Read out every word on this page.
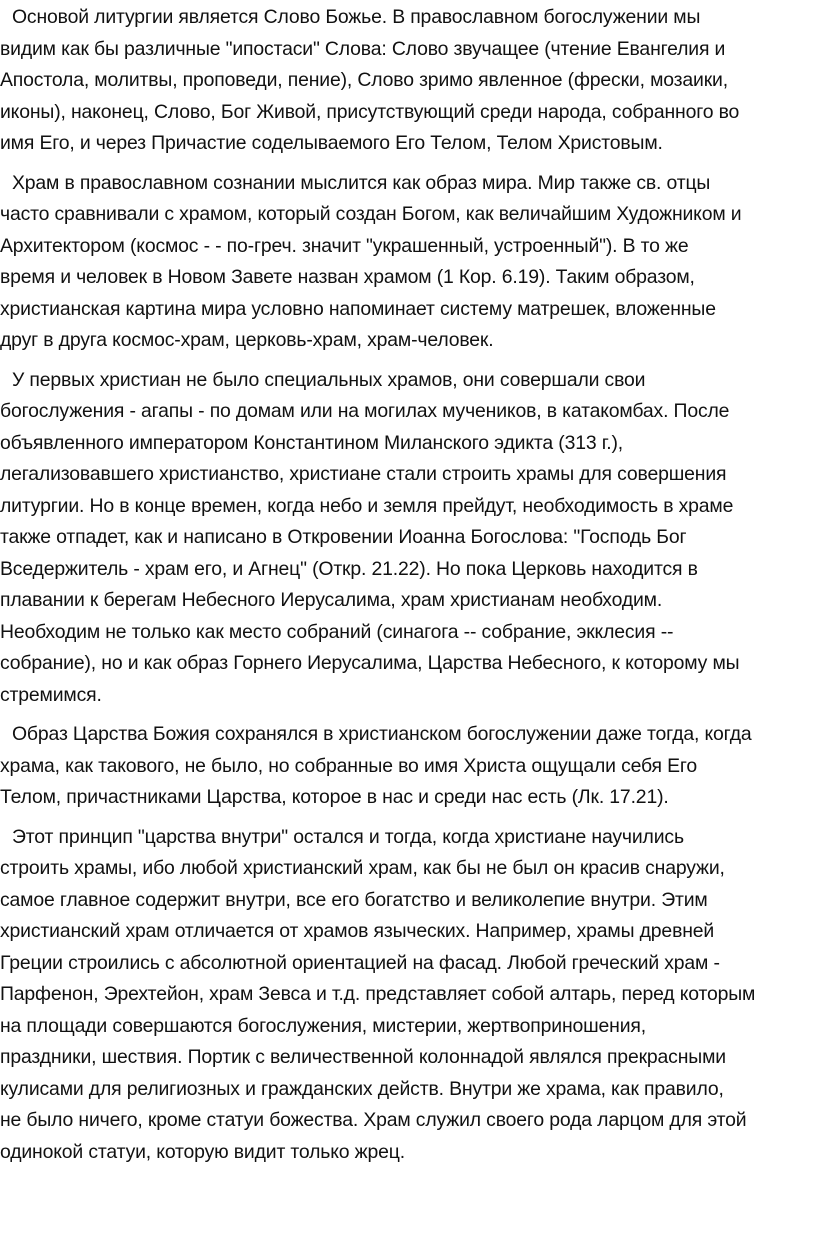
Основой литургии является Слово Божье. В православном богослужении мы
видим как бы различные "ипостаси" Слова: Слово звучащее (чтение Евангелия и
Апостола, молитвы, проповеди, пение), Слово зримо явленное (фрески, мозаики,
иконы), наконец, Слово, Бог Живой, присутствующий среди народа, собранного во
имя Его, и через Причастие соделываемого Его Телом, Телом Христовым.
Храм в православном сознании мыслится как образ мира. Мир также св. отцы
часто сравнивали с храмом, который создан Богом, как величайшим Художником и
Архитектором (космос - - по-греч. значит "украшенный, устроенный"). В то же
время и человек в Новом Завете назван храмом (1 Кор. 6.19). Таким образом,
христианская картина мира условно напоминает систему матрешек, вложенные
друг в друга космос-храм, церковь-храм, храм-человек.
У первых христиан не было специальных храмов, они совершали свои
богослужения - агапы - по домам или на могилах мучеников, в катакомбах. После
объявленного императором Константином Миланского эдикта (313 г.),
легализовавшего христианство, христиане стали строить храмы для совершения
литургии. Но в конце времен, когда небо и земля прейдут, необходимость в храме
также отпадет, как и написано в Откровении Иоанна Богослова: "Господь Бог
Вседержитель - храм его, и Агнец" (Откр. 21.22). Но пока Церковь находится в
плавании к берегам Небесного Иерусалима, храм христианам необходим.
Необходим не только как место собраний (синагога -- собрание, экклесия --
собрание), но и как образ Горнего Иерусалима, Царства Небесного, к которому мы
стремимся.
Образ Царства Божия сохранялся в христианском богослужении даже тогда, когда
храма, как такового, не было, но собранные во имя Христа ощущали себя Его
Телом, причастниками Царства, которое в нас и среди нас есть (Лк. 17.21).
Этот принцип "царства внутри" остался и тогда, когда христиане научились
строить храмы, ибо любой христианский храм, как бы не был он красив снаружи,
самое главное содержит внутри, все его богатство и великолепие внутри. Этим
христианский храм отличается от храмов языческих. Например, храмы древней
Греции строились с абсолютной ориентацией на фасад. Любой греческий храм -
Парфенон, Эрехтейон, храм Зевса и т.д. представляет собой алтарь, перед которым
на площади совершаются богослужения, мистерии, жертвоприношения,
праздники, шествия. Портик с величественной колоннадой являлся прекрасными
кулисами для религиозных и гражданских действ. Внутри же храма, как правило,
не было ничего, кроме статуи божества. Храм служил своего рода ларцом для этой
одинокой статуи, которую видит только жрец.
